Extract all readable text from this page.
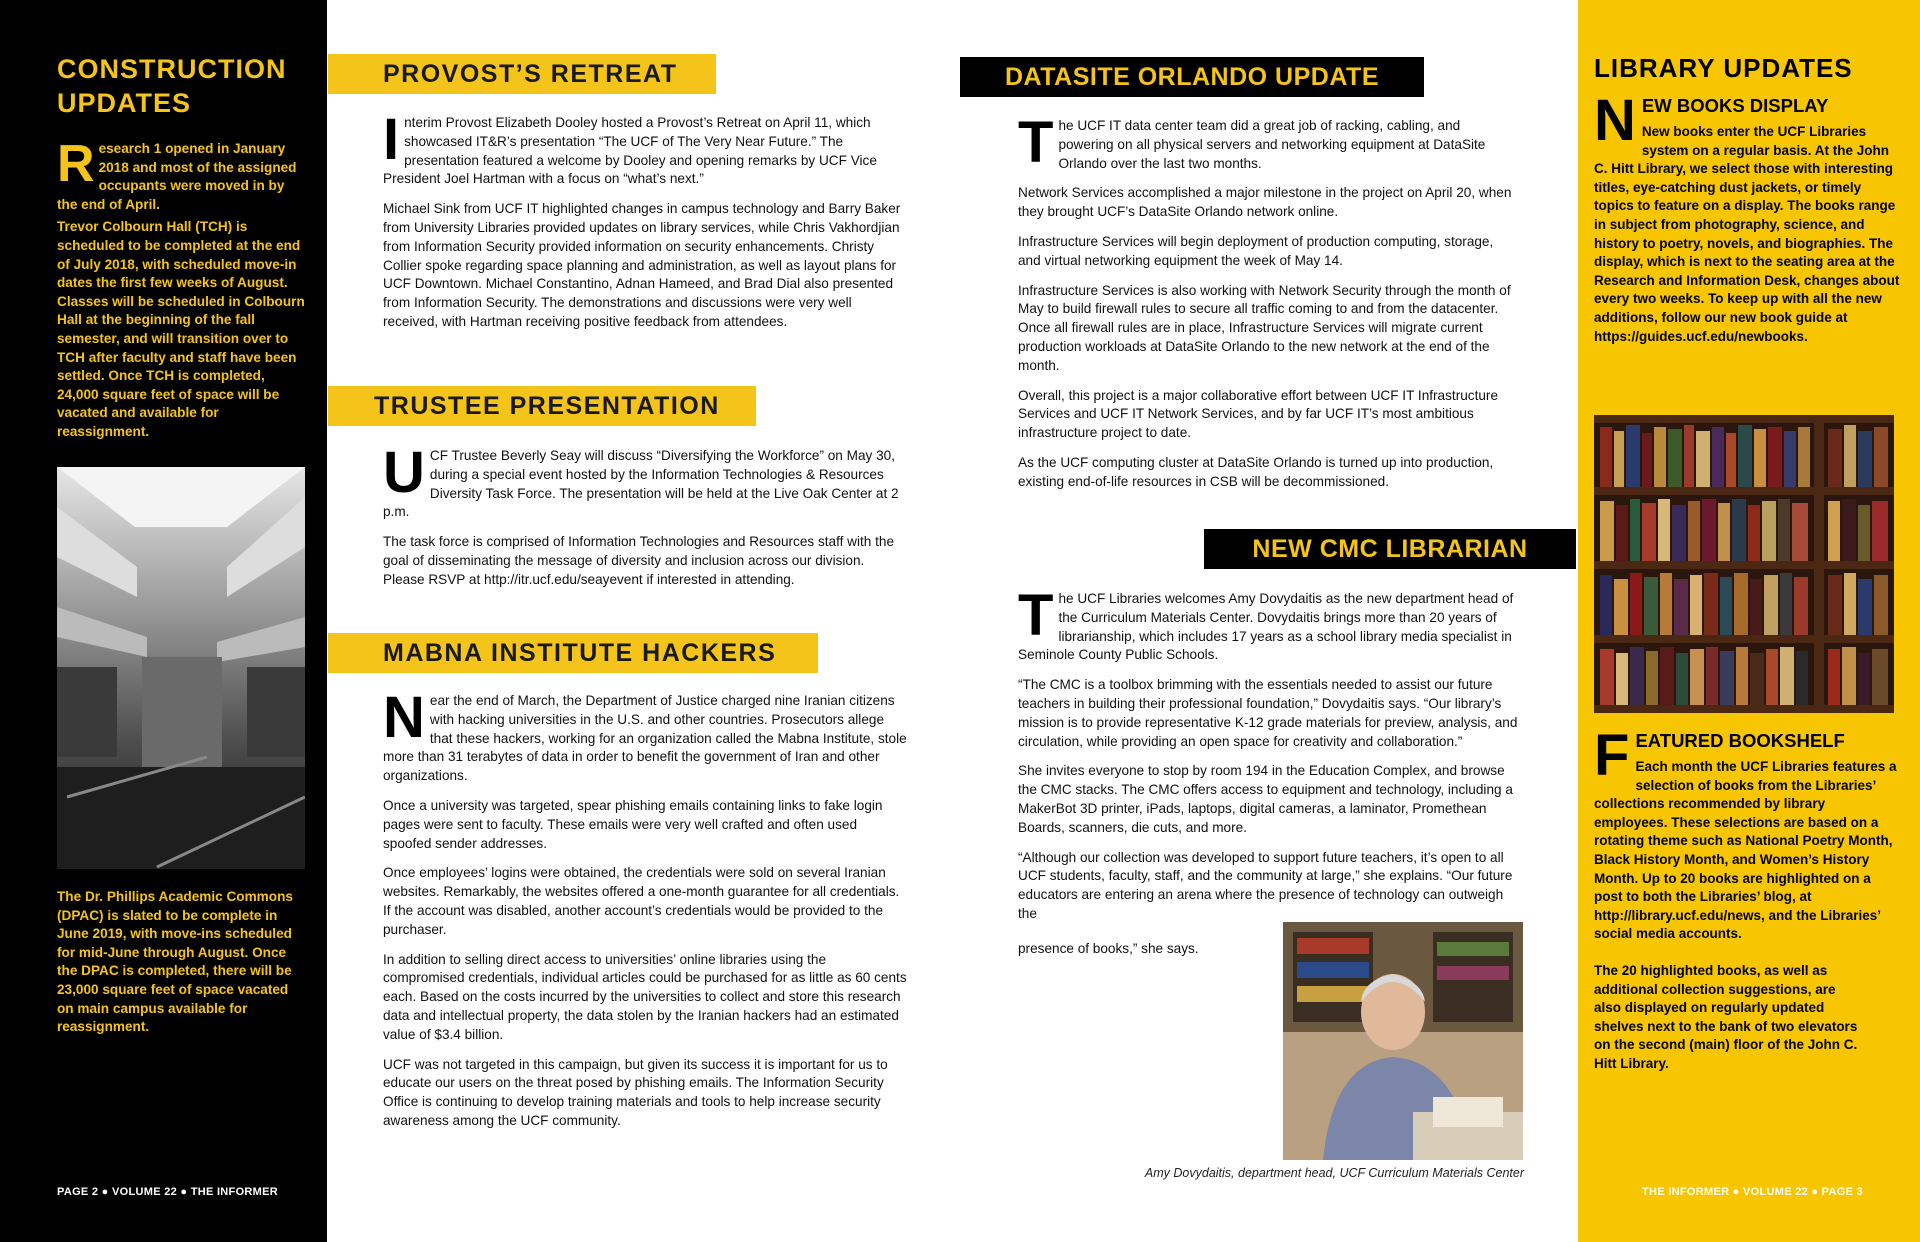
CONSTRUCTION UPDATES

Research 1 opened in January 2018 and most of the assigned occupants were moved in by the end of April.

Trevor Colbourn Hall (TCH) is scheduled to be completed at the end of July 2018, with scheduled move-in dates the first few weeks of August. Classes will be scheduled in Colbourn Hall at the beginning of the fall semester, and will transition over to TCH after faculty and staff have been settled. Once TCH is completed, 24,000 square feet of space will be vacated and available for reassignment.

The Dr. Phillips Academic Commons (DPAC) is slated to be complete in June 2019, with move-ins scheduled for mid-June through August. Once the DPAC is completed, there will be 23,000 square feet of space vacated on main campus available for reassignment.

PAGE 2 ● VOLUME 22 ● THE INFORMER
PROVOST’S RETREAT

Interim Provost Elizabeth Dooley hosted a Provost’s Retreat on April 11, which showcased IT&R’s presentation “The UCF of The Very Near Future.” The presentation featured a welcome by Dooley and opening remarks by UCF Vice President Joel Hartman with a focus on “what’s next.”

Michael Sink from UCF IT highlighted changes in campus technology and Barry Baker from University Libraries provided updates on library services, while Chris Vakhordjian from Information Security provided information on security enhancements. Christy Collier spoke regarding space planning and administration, as well as layout plans for UCF Downtown. Michael Constantino, Adnan Hameed, and Brad Dial also presented from Information Security. The demonstrations and discussions were very well received, with Hartman receiving positive feedback from attendees.

TRUSTEE PRESENTATION

UCF Trustee Beverly Seay will discuss “Diversifying the Workforce” on May 30, during a special event hosted by the Information Technologies & Resources Diversity Task Force. The presentation will be held at the Live Oak Center at 2 p.m.

The task force is comprised of Information Technologies and Resources staff with the goal of disseminating the message of diversity and inclusion across our division. Please RSVP at http://itr.ucf.edu/seayevent if interested in attending.

MABNA INSTITUTE HACKERS

Near the end of March, the Department of Justice charged nine Iranian citizens with hacking universities in the U.S. and other countries. Prosecutors allege that these hackers, working for an organization called the Mabna Institute, stole more than 31 terabytes of data in order to benefit the government of Iran and other organizations.

Once a university was targeted, spear phishing emails containing links to fake login pages were sent to faculty. These emails were very well crafted and often used spoofed sender addresses.

Once employees’ logins were obtained, the credentials were sold on several Iranian websites. Remarkably, the websites offered a one-month guarantee for all credentials. If the account was disabled, another account’s credentials would be provided to the purchaser.

In addition to selling direct access to universities’ online libraries using the compromised credentials, individual articles could be purchased for as little as 60 cents each. Based on the costs incurred by the universities to collect and store this research data and intellectual property, the data stolen by the Iranian hackers had an estimated value of $3.4 billion.

UCF was not targeted in this campaign, but given its success it is important for us to educate our users on the threat posed by phishing emails. The Information Security Office is continuing to develop training materials and tools to help increase security awareness among the UCF community.

DATASITE ORLANDO UPDATE

The UCF IT data center team did a great job of racking, cabling, and powering on all physical servers and networking equipment at DataSite Orlando over the last two months.

Network Services accomplished a major milestone in the project on April 20, when they brought UCF’s DataSite Orlando network online.

Infrastructure Services will begin deployment of production computing, storage, and virtual networking equipment the week of May 14.

Infrastructure Services is also working with Network Security through the month of May to build firewall rules to secure all traffic coming to and from the datacenter. Once all firewall rules are in place, Infrastructure Services will migrate current production workloads at DataSite Orlando to the new network at the end of the month.

Overall, this project is a major collaborative effort between UCF IT Infrastructure Services and UCF IT Network Services, and by far UCF IT’s most ambitious infrastructure project to date.

As the UCF computing cluster at DataSite Orlando is turned up into production, existing end-of-life resources in CSB will be decommissioned.

NEW CMC LIBRARIAN

The UCF Libraries welcomes Amy Dovydaitis as the new department head of the Curriculum Materials Center. Dovydaitis brings more than 20 years of librarianship, which includes 17 years as a school library media specialist in Seminole County Public Schools.

“The CMC is a toolbox brimming with the essentials needed to assist our future teachers in building their professional foundation,” Dovydaitis says. “Our library’s mission is to provide representative K-12 grade materials for preview, analysis, and circulation, while providing an open space for creativity and collaboration.”

She invites everyone to stop by room 194 in the Education Complex, and browse the CMC stacks. The CMC offers access to equipment and technology, including a MakerBot 3D printer, iPads, laptops, digital cameras, a laminator, Promethean Boards, scanners, die cuts, and more.

“Although our collection was developed to support future teachers, it’s open to all UCF students, faculty, staff, and the community at large,” she explains. “Our future educators are entering an arena where the presence of technology can outweigh the

presence of books,” she says.

Amy Dovydaitis, department head, UCF Curriculum Materials Center
LIBRARY UPDATES
NEW BOOKS DISPLAY
New books enter the UCF Libraries system on a regular basis. At the John C. Hitt Library, we select those with interesting titles, eye-catching dust jackets, or timely topics to feature on a display. The books range in subject from photography, science, and history to poetry, novels, and biographies. The display, which is next to the seating area at the Research and Information Desk, changes about every two weeks. To keep up with all the new additions, follow our new book guide at https://guides.ucf.edu/newbooks.
FEATURED BOOKSHELF
Each month the UCF Libraries features a selection of books from the Libraries’ collections recommended by library employees. These selections are based on a rotating theme such as National Poetry Month, Black History Month, and Women’s History Month. Up to 20 books are highlighted on a post to both the Libraries’ blog, at http://library.ucf.edu/news, and the Libraries’ social media accounts.
The 20 highlighted books, as well as additional collection suggestions, are also displayed on regularly updated shelves next to the bank of two elevators on the second (main) floor of the John C. Hitt Library.
THE INFORMER ● VOLUME 22 ● PAGE 3
